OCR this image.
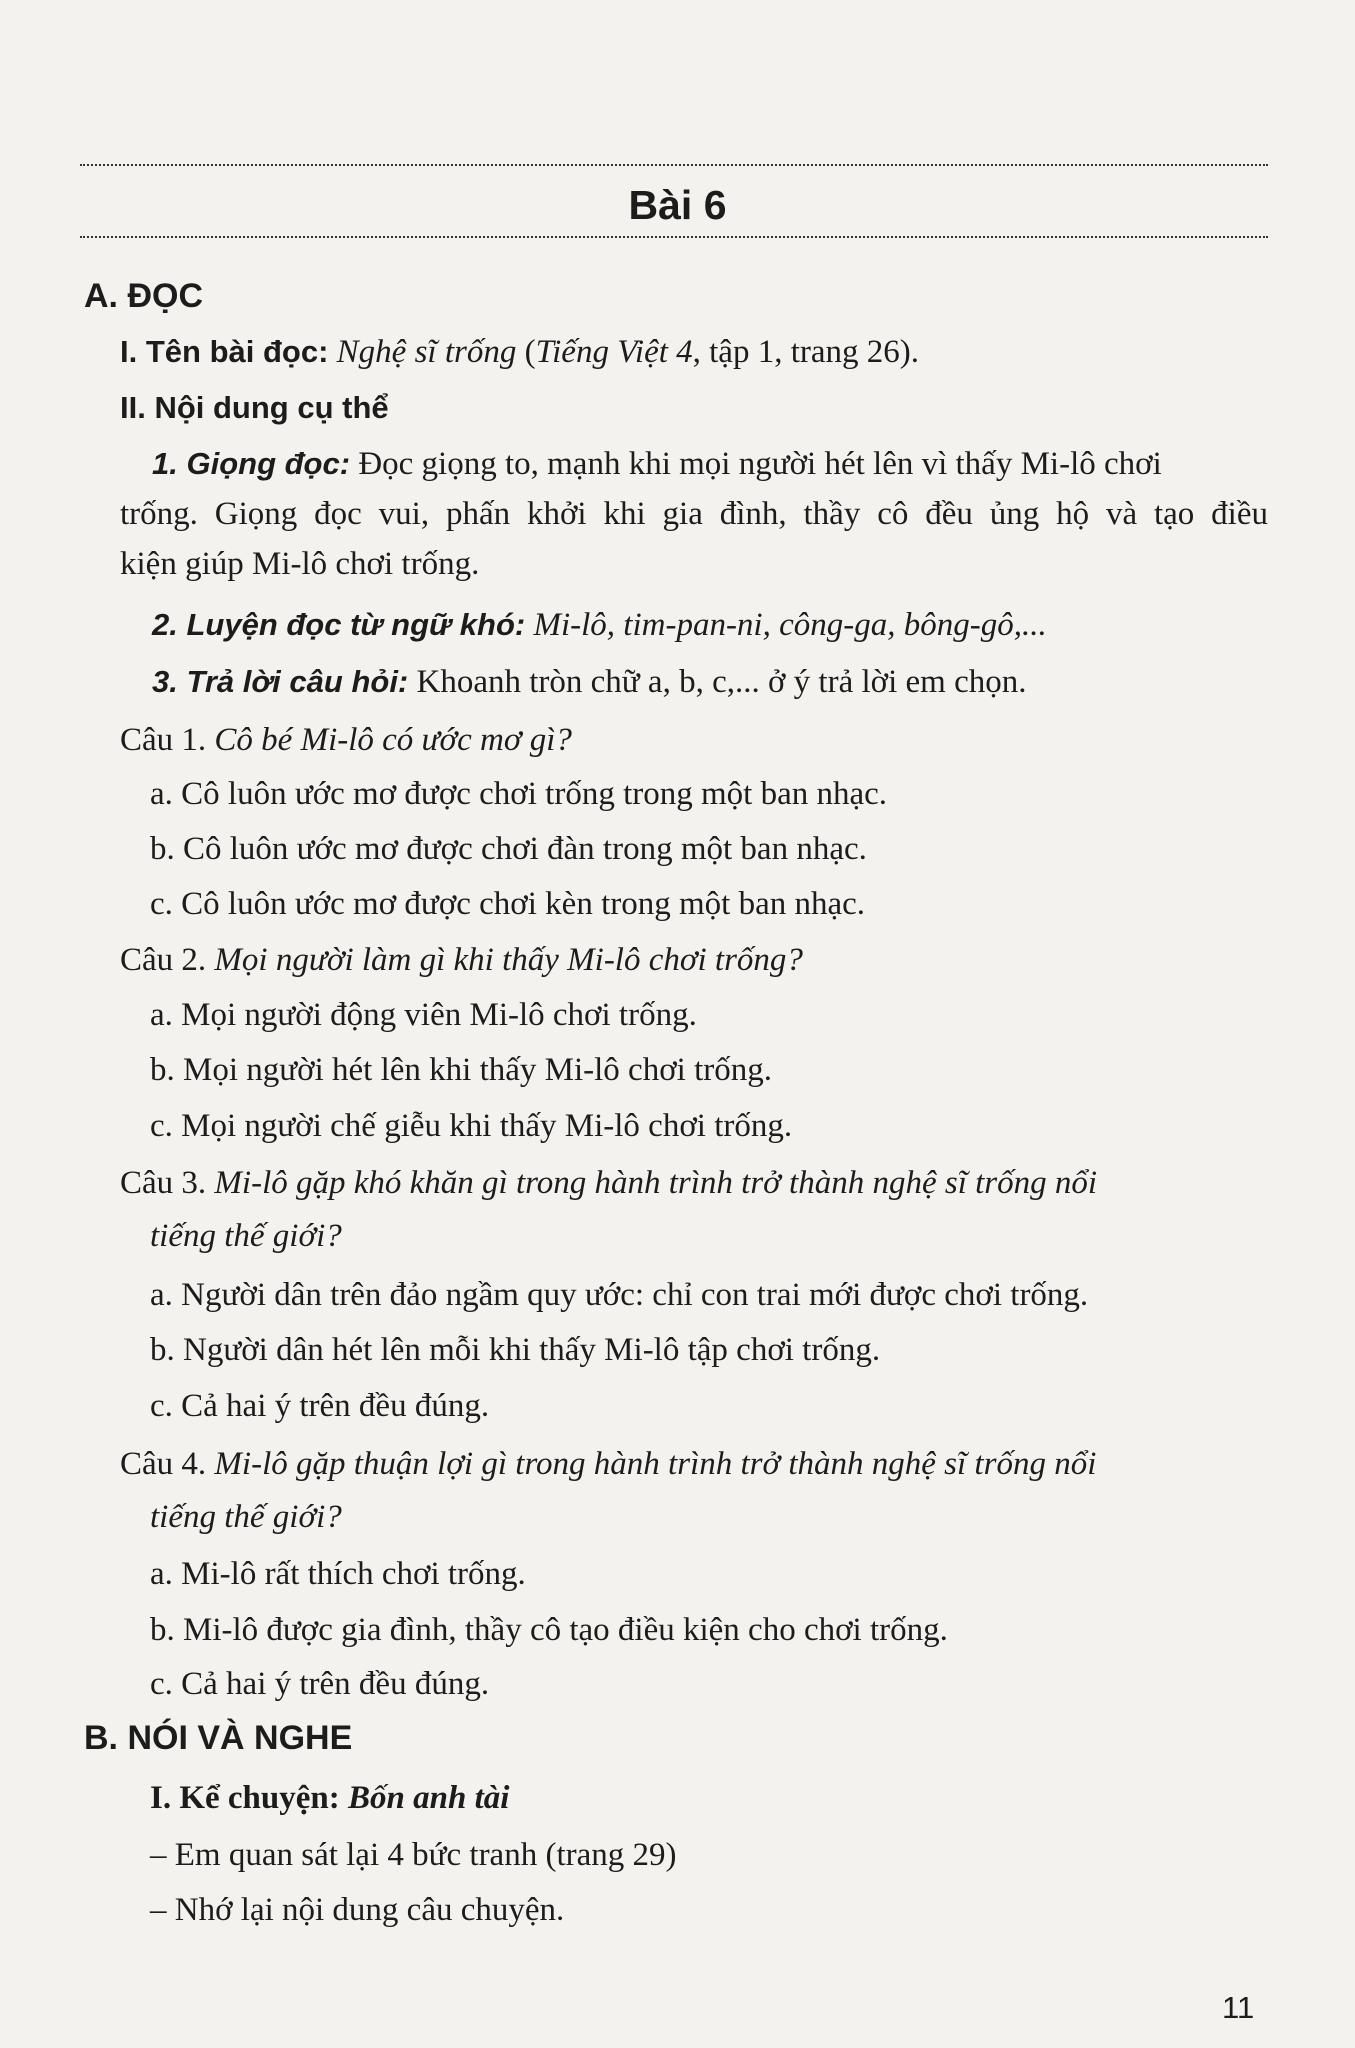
Bài 6
A. ĐỌC
I. Tên bài đọc: Nghệ sĩ trống (Tiếng Việt 4, tập 1, trang 26).
II. Nội dung cụ thể
1. Giọng đọc: Đọc giọng to, mạnh khi mọi người hét lên vì thấy Mi-lô chơi
trống. Giọng đọc vui, phấn khởi khi gia đình, thầy cô đều ủng hộ và tạo điều
kiện giúp Mi-lô chơi trống.
2. Luyện đọc từ ngữ khó: Mi-lô, tim-pan-ni, công-ga, bông-gô,...
3. Trả lời câu hỏi: Khoanh tròn chữ a, b, c,... ở ý trả lời em chọn.
Câu 1. Cô bé Mi-lô có ước mơ gì?
a. Cô luôn ước mơ được chơi trống trong một ban nhạc.
b. Cô luôn ước mơ được chơi đàn trong một ban nhạc.
c. Cô luôn ước mơ được chơi kèn trong một ban nhạc.
Câu 2. Mọi người làm gì khi thấy Mi-lô chơi trống?
a. Mọi người động viên Mi-lô chơi trống.
b. Mọi người hét lên khi thấy Mi-lô chơi trống.
c. Mọi người chế giễu khi thấy Mi-lô chơi trống.
Câu 3. Mi-lô gặp khó khăn gì trong hành trình trở thành nghệ sĩ trống nổi
tiếng thế giới?
a. Người dân trên đảo ngầm quy ước: chỉ con trai mới được chơi trống.
b. Người dân hét lên mỗi khi thấy Mi-lô tập chơi trống.
c. Cả hai ý trên đều đúng.
Câu 4. Mi-lô gặp thuận lợi gì trong hành trình trở thành nghệ sĩ trống nổi
tiếng thế giới?
a. Mi-lô rất thích chơi trống.
b. Mi-lô được gia đình, thầy cô tạo điều kiện cho chơi trống.
c. Cả hai ý trên đều đúng.
B. NÓI VÀ NGHE
I. Kể chuyện: Bốn anh tài
– Em quan sát lại 4 bức tranh (trang 29)
– Nhớ lại nội dung câu chuyện.
11
